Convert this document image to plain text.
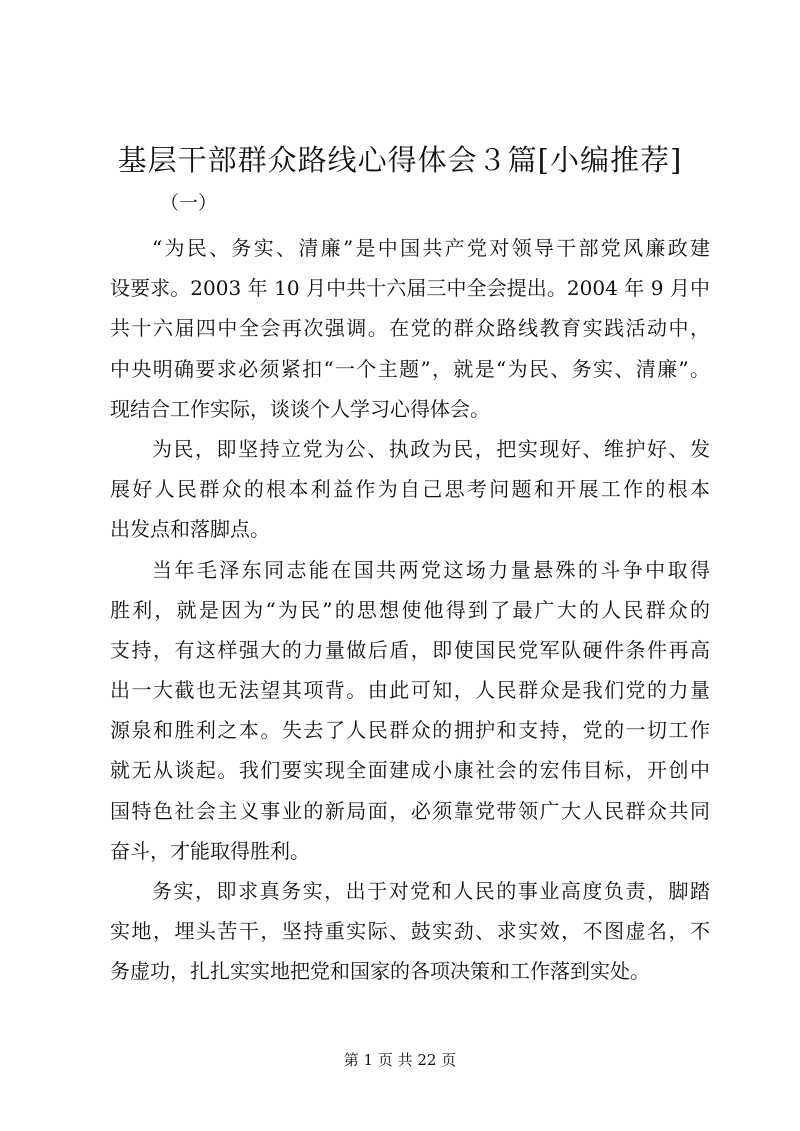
基层干部群众路线心得体会３篇[小编推荐]
（一）
“为民、务实、清廉”是中国共产党对领导干部党风廉政建
设要求。2003 年 10 月中共十六届三中全会提出。2004 年 9 月中
共十六届四中全会再次强调。在党的群众路线教育实践活动中，
中央明确要求必须紧扣“一个主题”，就是“为民、务实、清廉”。
现结合工作实际，谈谈个人学习心得体会。
为民，即坚持立党为公、执政为民，把实现好、维护好、发
展好人民群众的根本利益作为自己思考问题和开展工作的根本
出发点和落脚点。
当年毛泽东同志能在国共两党这场力量悬殊的斗争中取得
胜利，就是因为“为民”的思想使他得到了最广大的人民群众的
支持，有这样强大的力量做后盾，即使国民党军队硬件条件再高
出一大截也无法望其项背。由此可知，人民群众是我们党的力量
源泉和胜利之本。失去了人民群众的拥护和支持，党的一切工作
就无从谈起。我们要实现全面建成小康社会的宏伟目标，开创中
国特色社会主义事业的新局面，必须靠党带领广大人民群众共同
奋斗，才能取得胜利。
务实，即求真务实，出于对党和人民的事业高度负责，脚踏
实地，埋头苦干，坚持重实际、鼓实劲、求实效，不图虚名，不
务虚功，扎扎实实地把党和国家的各项决策和工作落到实处。
第 1 页 共 22 页
